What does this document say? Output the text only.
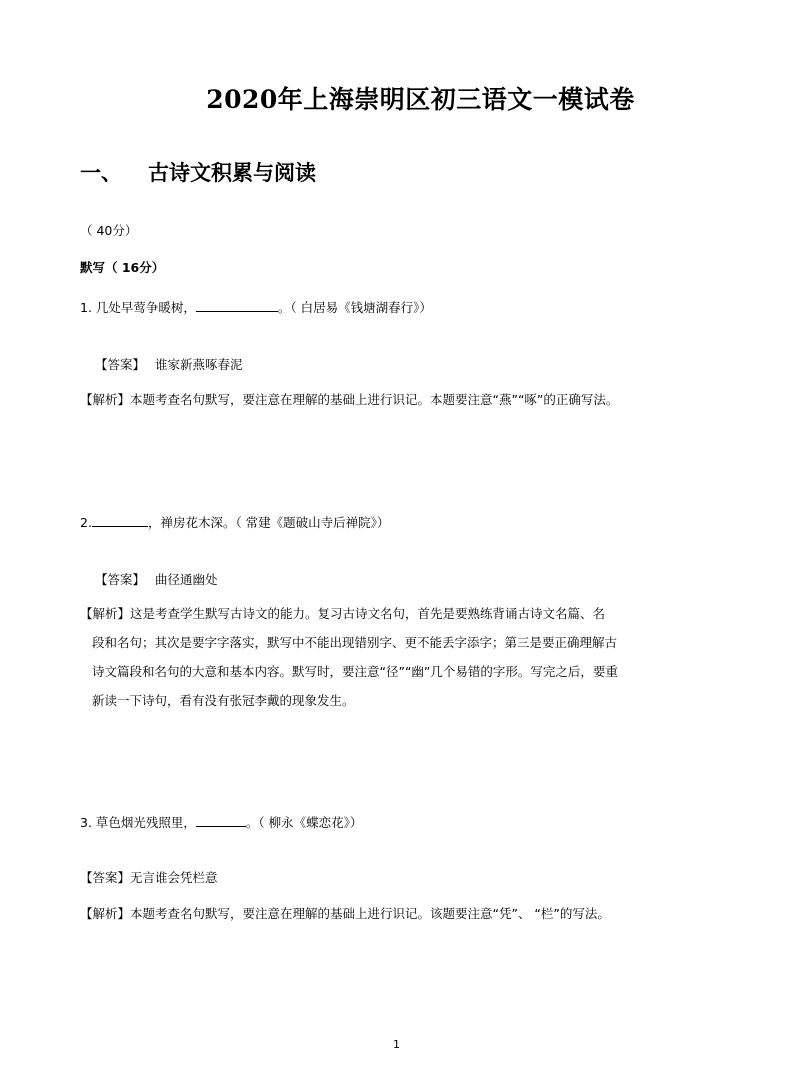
2020年上海崇明区初三语文一模试卷
一、 古诗文积累与阅读
（ 40分）
默写（ 16分）
1. 几处早莺争暖树，	。（ 白居易《钱塘湖春行》）
【答案】 谁家新燕啄春泥
【解析】本题考查名句默写，要注意在理解的基础上进行识记。本题要注意“燕”“啄”的正确写法。
2.	，禅房花木深。（ 常建《题破山寺后禅院》）
【答案】 曲径通幽处
【解析】这是考查学生默写古诗文的能力。复习古诗文名句，首先是要熟练背诵古诗文名篇、名
段和名句；其次是要字字落实，默写中不能出现错别字、更不能丢字添字；第三是要正确理解古
诗文篇段和名句的大意和基本内容。默写时，要注意“径”“幽”几个易错的字形。写完之后，要重
新读一下诗句，看有没有张冠李戴的现象发生。
3. 草色烟光残照里，	。（ 柳永《蝶恋花》）
【答案】无言谁会凭栏意
【解析】本题考查名句默写，要注意在理解的基础上进行识记。该题要注意“凭”、 “栏”的写法。
1
